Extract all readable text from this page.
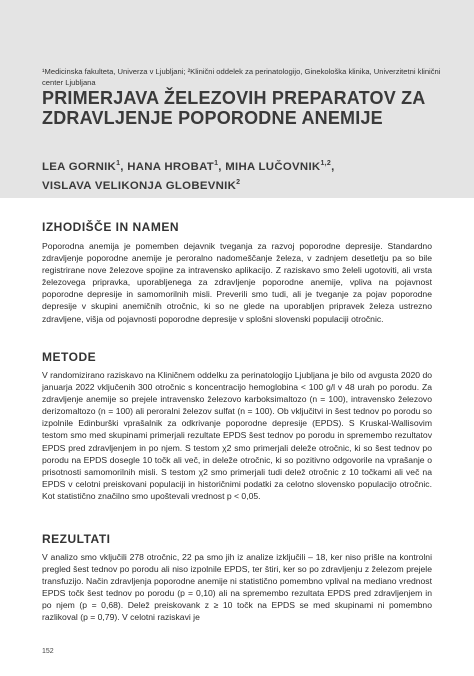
¹Medicinska fakulteta, Univerza v Ljubljani; ²Klinični oddelek za perinatologijo, Ginekološka klinika, Univerzitetni klinični center Ljubljana

PRIMERJAVA ŽELEZOVIH PREPARATOV ZA ZDRAVLJENJE POPORODNE ANEMIJE

LEA GORNIK$^1$, HANA HROBAT$^1$, MIHA LUČOVNIK$^{1,2}$,
VISLAVA VELIKONJA GLOBEVNIK$^2$

IZHODIŠČE IN NAMEN

Poporodna anemija je pomemben dejavnik tveganja za razvoj poporodne depresije. Standardno zdravljenje poporodne anemije je peroralno nadomeščanje železa, v zadnjem desetletju pa so bile registrirane nove železove spojine za intravensko aplikacijo. Z raziskavo smo želeli ugotoviti, ali vrsta železovega pripravka, uporabljenega za zdravljenje poporodne anemije, vpliva na pojavnost poporodne depresije in samomorilnih misli. Preverili smo tudi, ali je tveganje za pojav poporodne depresije v skupini anemičnih otročnic, ki so ne glede na uporabljen pripravek železa ustrezno zdravljene, višja od pojavnosti poporodne depresije v splošni slovenski populaciji otročnic.

METODE

V randomizirano raziskavo na Kliničnem oddelku za perinatologijo Ljubljana je bilo od avgusta 2020 do januarja 2022 vključenih 300 otročnic s koncentracijo hemoglobina < 100 g/l v 48 urah po porodu. Za zdravljenje anemije so prejele intravensko železovo karboksimaltozo (n = 100), intravensko železovo derizomaltozo (n = 100) ali peroralni železov sulfat (n = 100). Ob vključitvi in šest tednov po porodu so izpolnile Edinburški vprašalnik za odkrivanje poporodne depresije (EPDS). S Kruskal-Wallisovim testom smo med skupinami primerjali rezultate EPDS šest tednov po porodu in spremembo rezultatov EPDS pred zdravljenjem in po njem. S testom χ2 smo primerjali deleže otročnic, ki so šest tednov po porodu na EPDS dosegle 10 točk ali več, in deleže otročnic, ki so pozitivno odgovorile na vprašanje o prisotnosti samomorilnih misli. S testom χ2 smo primerjali tudi delež otročnic z 10 točkami ali več na EPDS v celotni preiskovani populaciji in historičnimi podatki za celotno slovensko populacijo otročnic. Kot statistično značilno smo upoštevali vrednost p < 0,05.

REZULTATI

V analizo smo vključili 278 otročnic, 22 pa smo jih iz analize izključili – 18, ker niso prišle na kontrolni pregled šest tednov po porodu ali niso izpolnile EPDS, ter štiri, ker so po zdravljenju z železom prejele transfuzijo. Način zdravljenja poporodne anemije ni statistično pomembno vplival na mediano vrednost EPDS točk šest tednov po porodu (p = 0,10) ali na spremembo rezultata EPDS pred zdravljenjem in po njem (p = 0,68). Delež preiskovank z ≥ 10 točk na EPDS se med skupinami ni pomembno razlikoval (p = 0,79). V celotni raziskavi je

152
